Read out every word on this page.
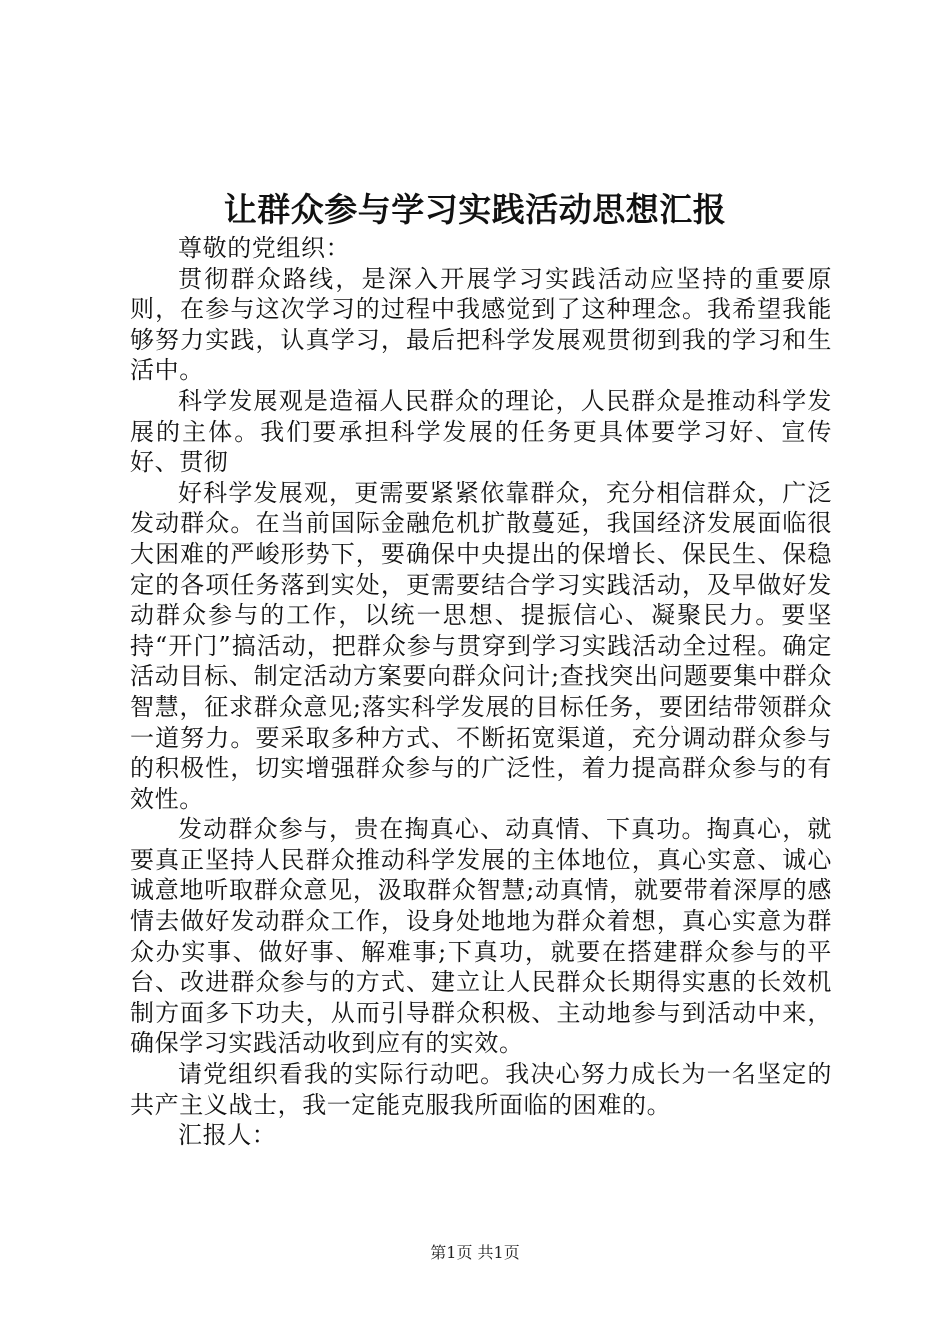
让群众参与学习实践活动思想汇报

尊敬的党组织：

贯彻群众路线，是深入开展学习实践活动应坚持的重要原则，在参与这次学习的过程中我感觉到了这种理念。我希望我能够努力实践，认真学习，最后把科学发展观贯彻到我的学习和生活中。

科学发展观是造福人民群众的理论，人民群众是推动科学发展的主体。我们要承担科学发展的任务更具体要学习好、宣传好、贯彻

好科学发展观，更需要紧紧依靠群众，充分相信群众，广泛发动群众。在当前国际金融危机扩散蔓延，我国经济发展面临很大困难的严峻形势下，要确保中央提出的保增长、保民生、保稳定的各项任务落到实处，更需要结合学习实践活动，及早做好发动群众参与的工作，以统一思想、提振信心、凝聚民力。要坚持“开门”搞活动，把群众参与贯穿到学习实践活动全过程。确定活动目标、制定活动方案要向群众问计;查找突出问题要集中群众智慧，征求群众意见;落实科学发展的目标任务，要团结带领群众一道努力。要采取多种方式、不断拓宽渠道，充分调动群众参与的积极性，切实增强群众参与的广泛性，着力提高群众参与的有效性。

发动群众参与，贵在掏真心、动真情、下真功。掏真心，就要真正坚持人民群众推动科学发展的主体地位，真心实意、诚心诚意地听取群众意见，汲取群众智慧;动真情，就要带着深厚的感情去做好发动群众工作，设身处地地为群众着想，真心实意为群众办实事、做好事、解难事;下真功，就要在搭建群众参与的平台、改进群众参与的方式、建立让人民群众长期得实惠的长效机制方面多下功夫，从而引导群众积极、主动地参与到活动中来，确保学习实践活动收到应有的实效。

请党组织看我的实际行动吧。我决心努力成长为一名坚定的共产主义战士，我一定能克服我所面临的困难的。

汇报人：

第1页 共1页
